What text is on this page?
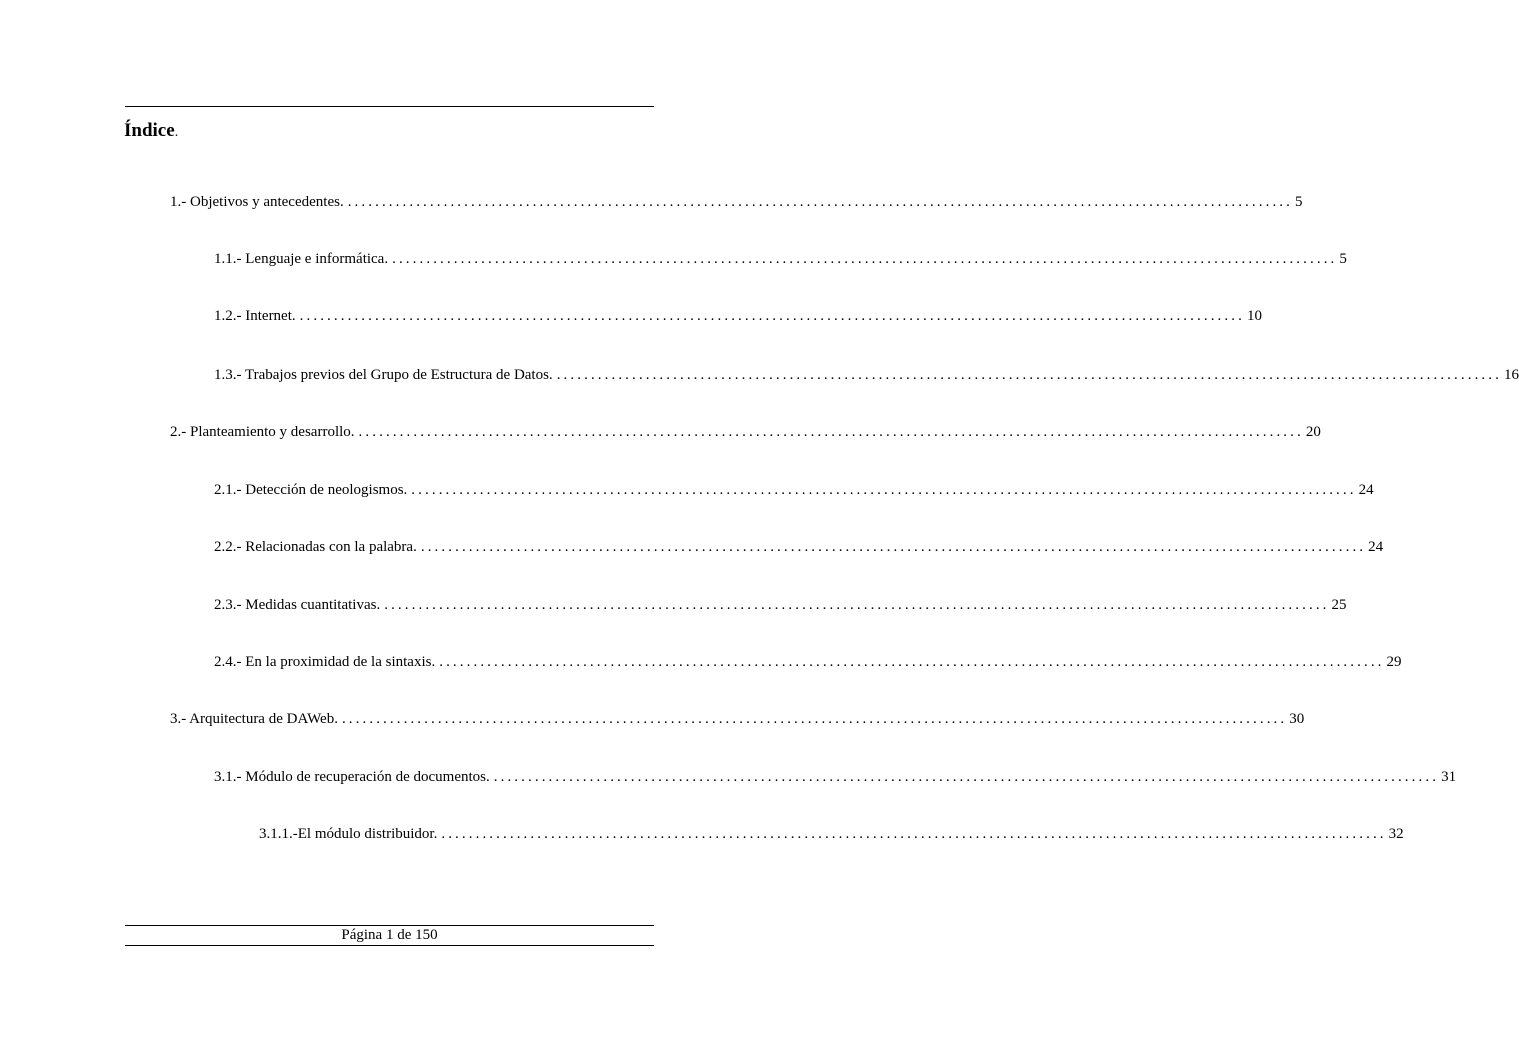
Índice.
1.- Objetivos y antecedentes. .......................................................................................................................................... 5
1.1.- Lenguaje e informática. .......................................................................................................................................... 5
1.2.- Internet. .......................................................................................................................................... 10
1.3.- Trabajos previos del Grupo de Estructura de Datos. .......................................................................................................................................... 16
2.- Planteamiento y desarrollo. .......................................................................................................................................... 20
2.1.- Detección de neologismos. .......................................................................................................................................... 24
2.2.- Relacionadas con la palabra. .......................................................................................................................................... 24
2.3.- Medidas cuantitativas. .......................................................................................................................................... 25
2.4.- En la proximidad de la sintaxis. .......................................................................................................................................... 29
3.- Arquitectura de DAWeb. .......................................................................................................................................... 30
3.1.- Módulo de recuperación de documentos. .......................................................................................................................................... 31
3.1.1.-El módulo distribuidor. .......................................................................................................................................... 32
Página 1 de 150
